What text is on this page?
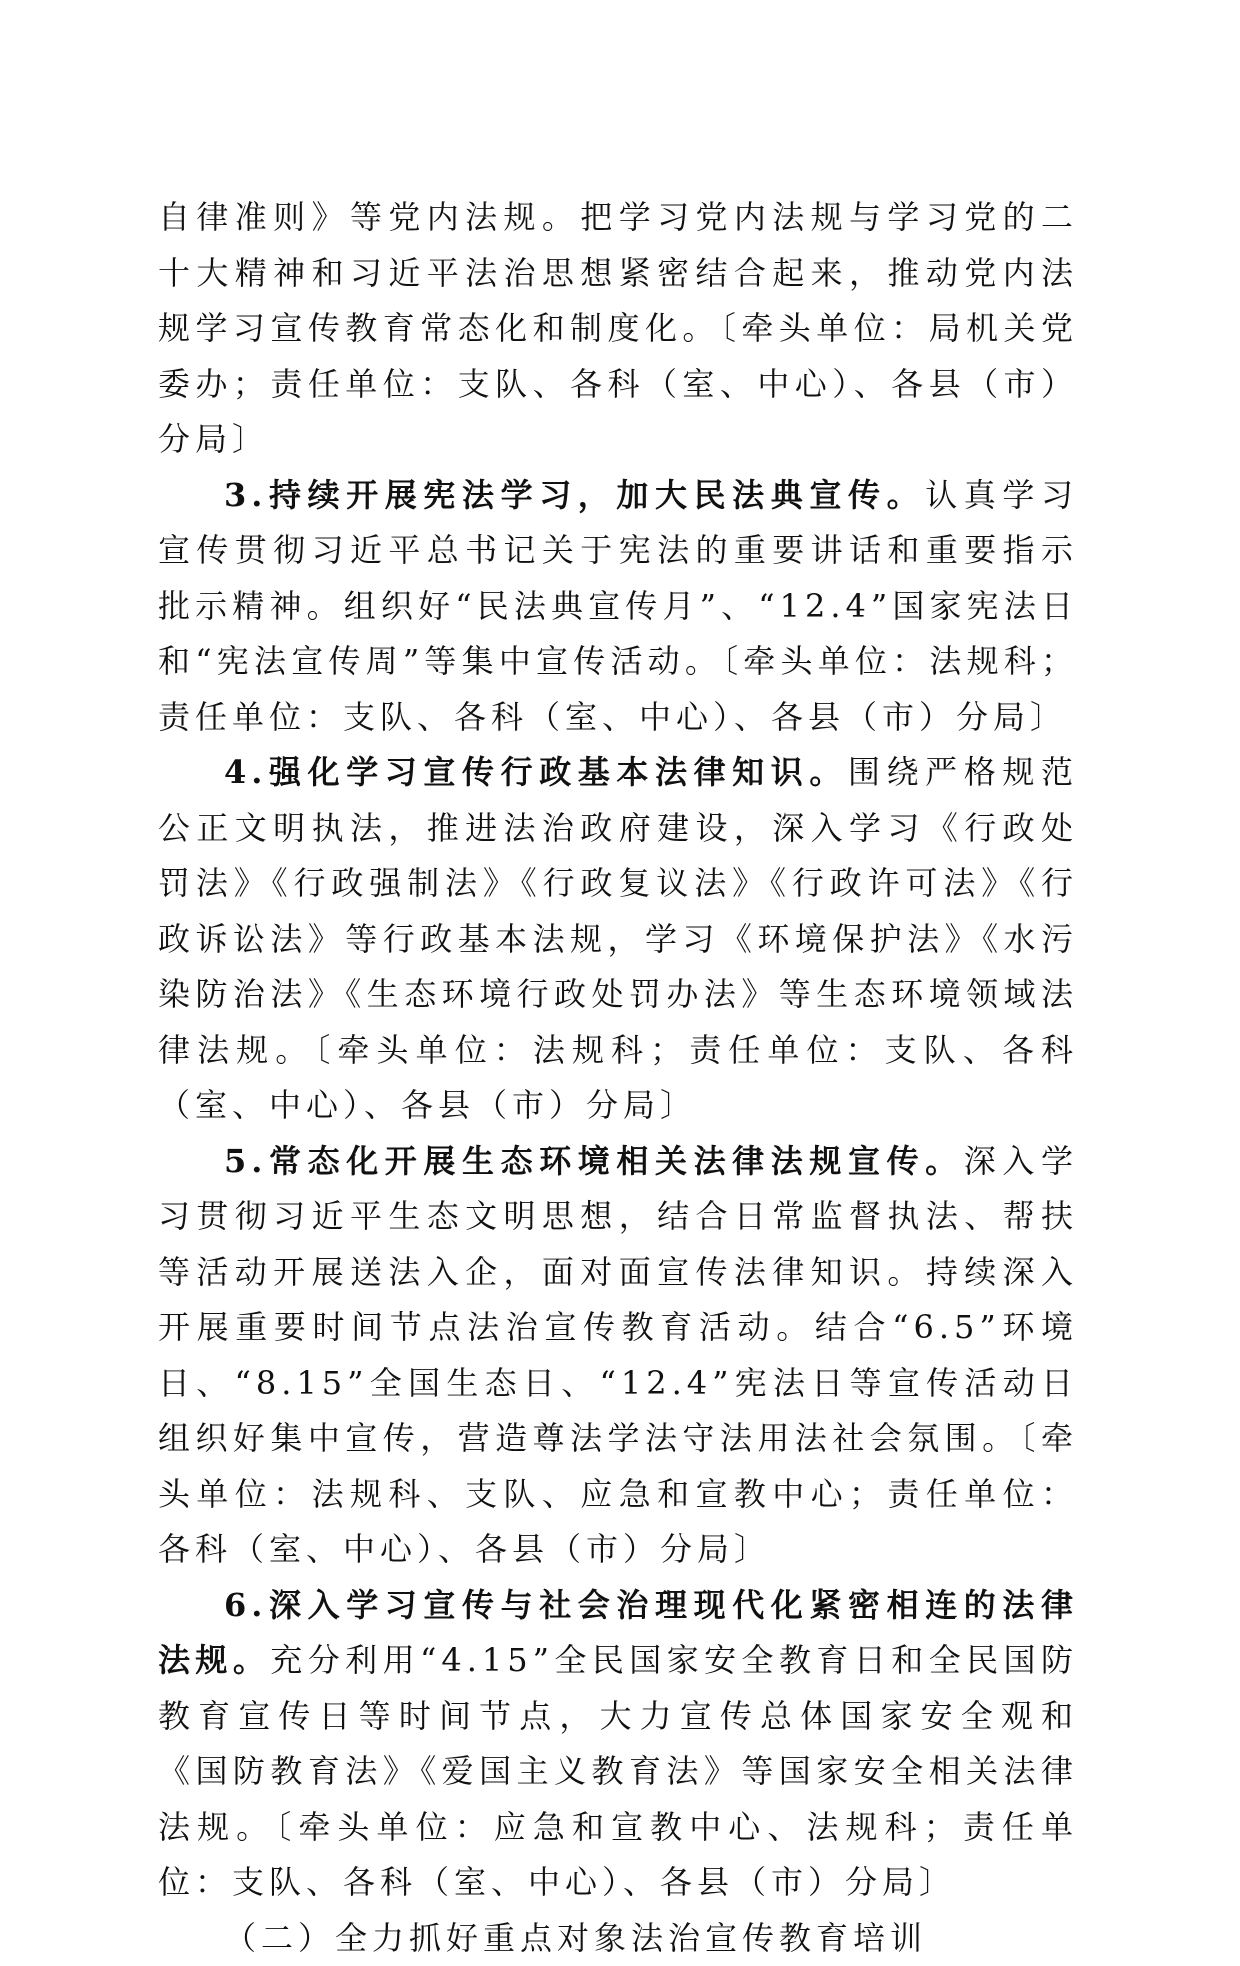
自律准则》等党内法规。把学习党内法规与学习党的二十大精神和习近平法治思想紧密结合起来，推动党内法规学习宣传教育常态化和制度化。〔牵头单位：局机关党委办；责任单位：支队、各科（室、中心）、各县（市）分局〕

3.持续开展宪法学习，加大民法典宣传。认真学习宣传贯彻习近平总书记关于宪法的重要讲话和重要指示批示精神。组织好“民法典宣传月”、“12.4”国家宪法日和“宪法宣传周”等集中宣传活动。〔牵头单位：法规科；责任单位：支队、各科（室、中心）、各县（市）分局〕

4.强化学习宣传行政基本法律知识。围绕严格规范公正文明执法，推进法治政府建设，深入学习《行政处罚法》《行政强制法》《行政复议法》《行政许可法》《行政诉讼法》等行政基本法规，学习《环境保护法》《水污染防治法》《生态环境行政处罚办法》等生态环境领域法律法规。〔牵头单位：法规科；责任单位：支队、各科（室、中心）、各县（市）分局〕

5.常态化开展生态环境相关法律法规宣传。深入学习贯彻习近平生态文明思想，结合日常监督执法、帮扶等活动开展送法入企，面对面宣传法律知识。持续深入开展重要时间节点法治宣传教育活动。结合“6.5”环境日、“8.15”全国生态日、“12.4”宪法日等宣传活动日组织好集中宣传，营造尊法学法守法用法社会氛围。〔牵头单位：法规科、支队、应急和宣教中心；责任单位：各科（室、中心）、各县（市）分局〕

6.深入学习宣传与社会治理现代化紧密相连的法律法规。充分利用“4.15”全民国家安全教育日和全民国防教育宣传日等时间节点，大力宣传总体国家安全观和《国防教育法》《爱国主义教育法》等国家安全相关法律法规。〔牵头单位：应急和宣教中心、法规科；责任单位：支队、各科（室、中心）、各县（市）分局〕

（二）全力抓好重点对象法治宣传教育培训
